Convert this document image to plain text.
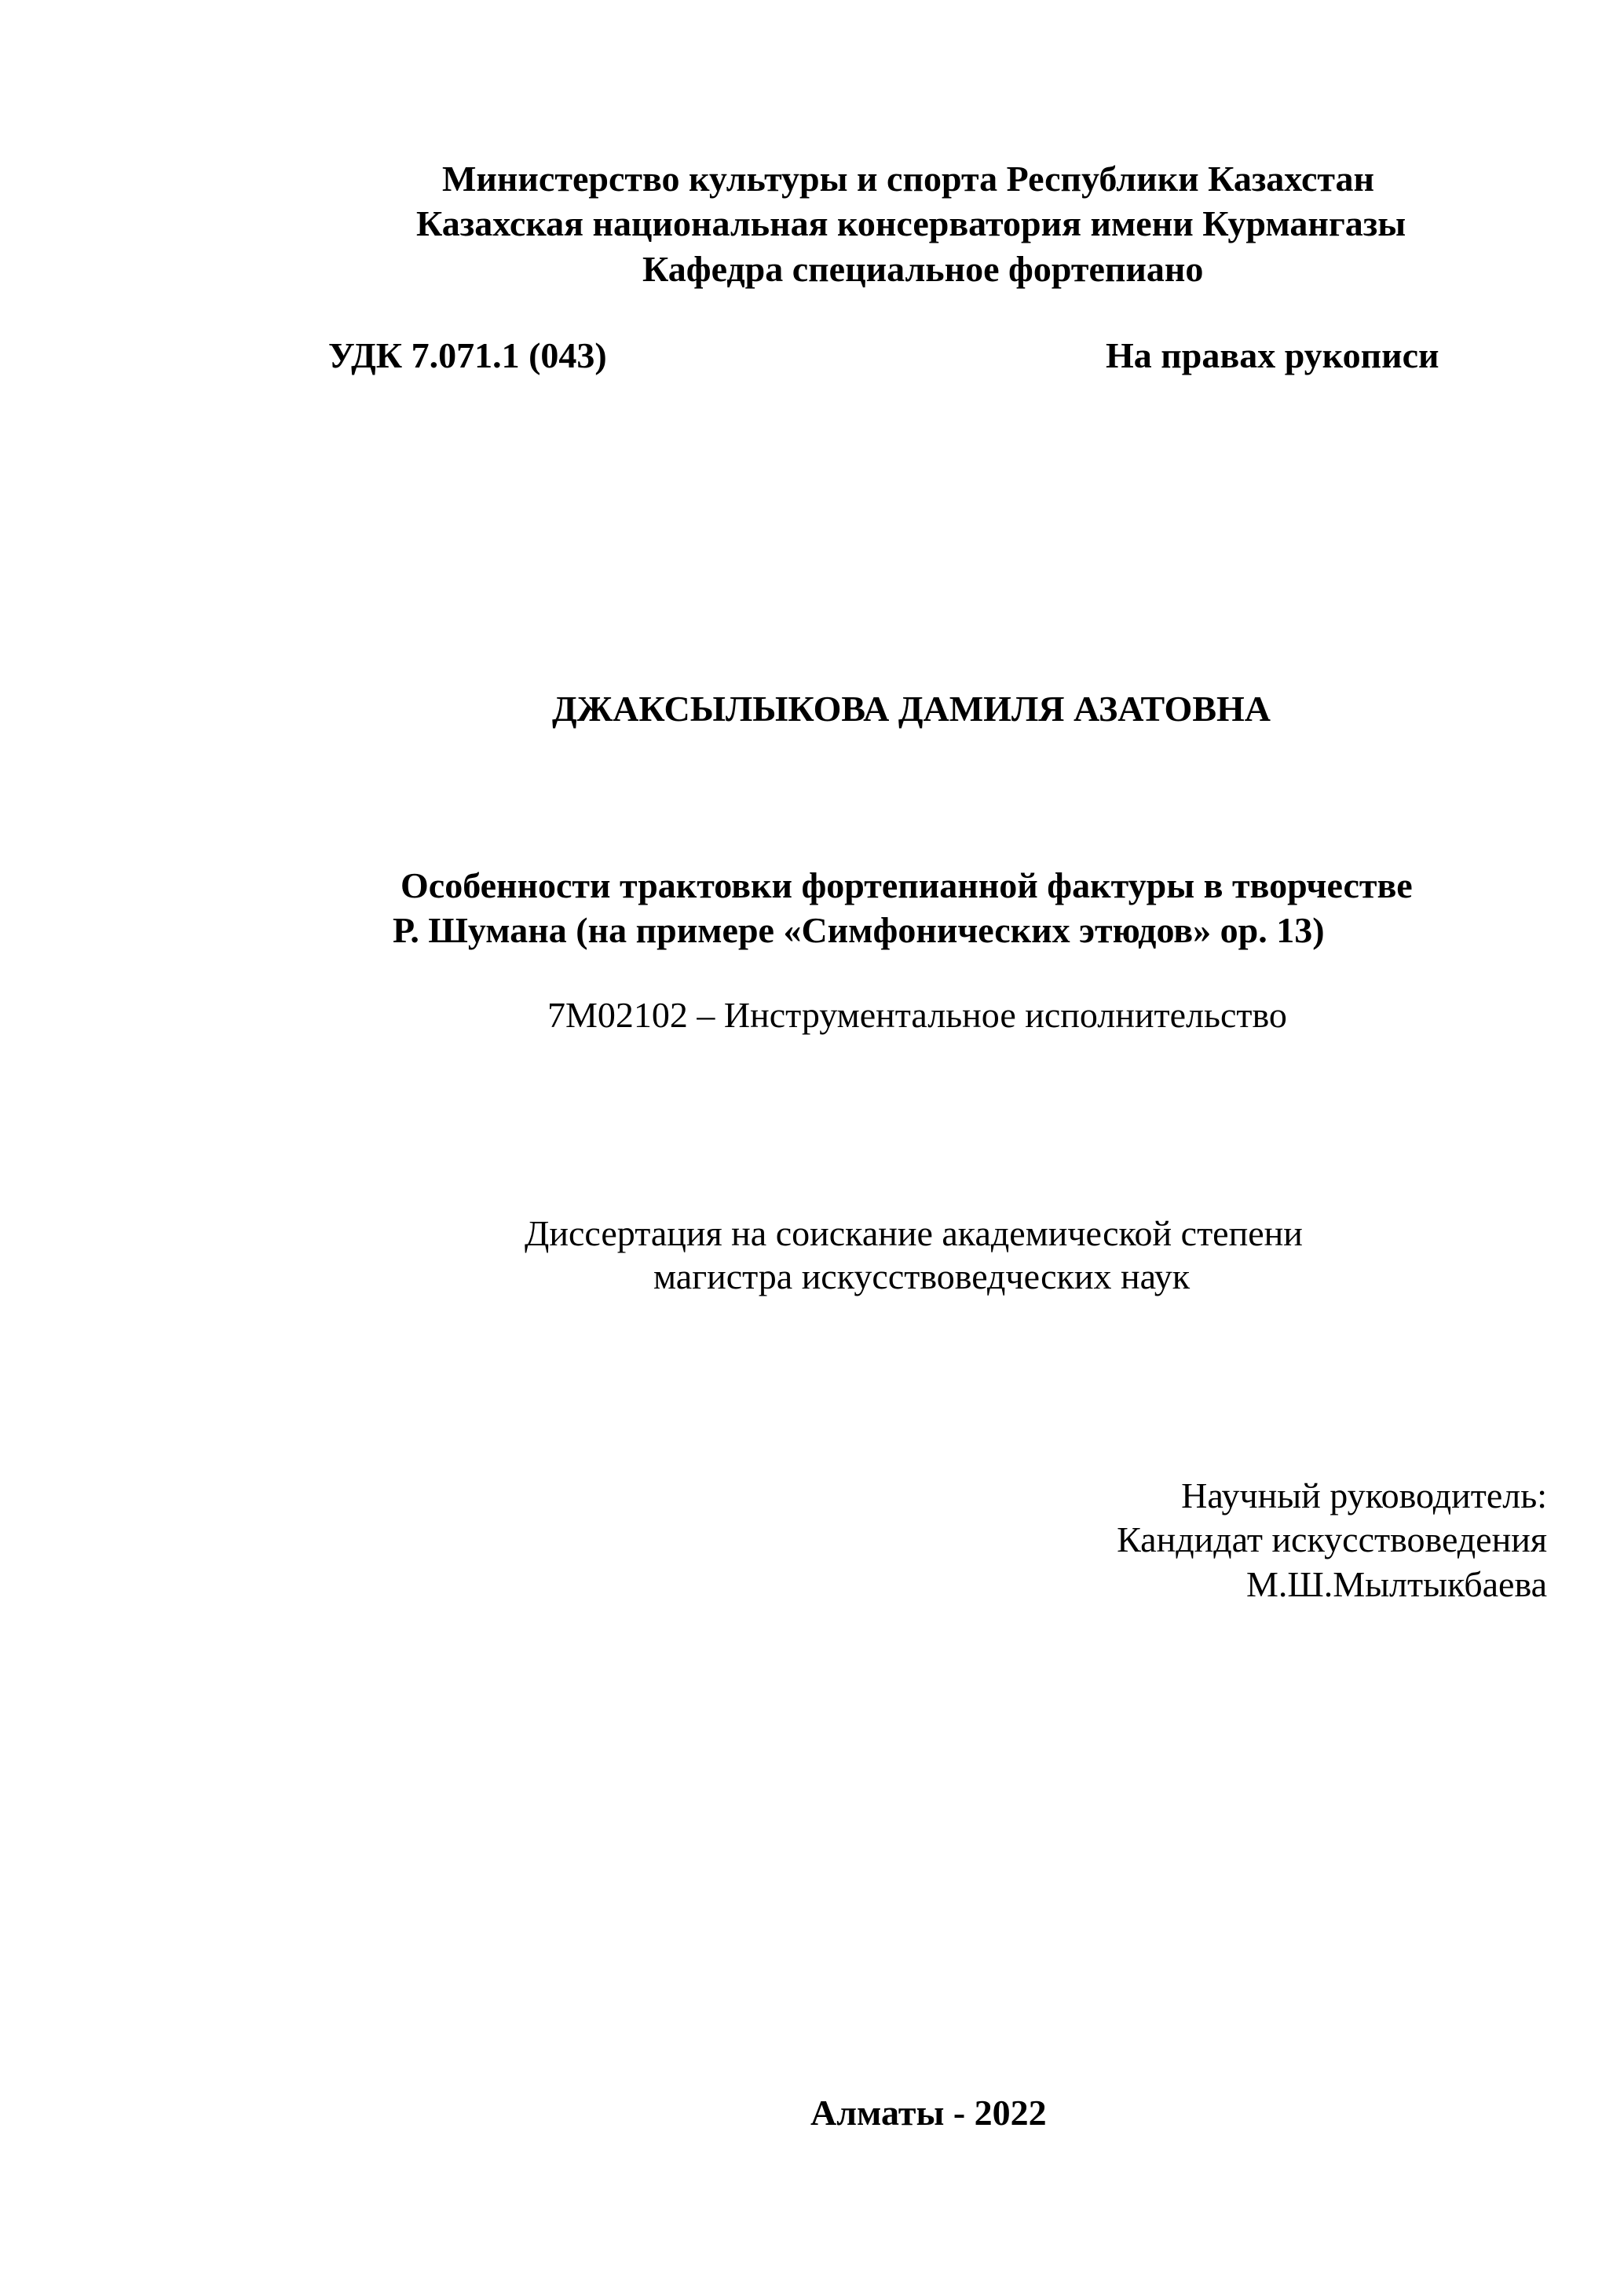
Министерство культуры и спорта Республики Казахстан
Казахская национальная консерватория имени Курмангазы
Кафедра специальное фортепиано
УДК 7.071.1 (043)	На правах рукописи
ДЖАКСЫЛЫКОВА ДАМИЛЯ АЗАТОВНА
Особенности трактовки фортепианной фактуры в творчестве
Р. Шумана (на примере «Симфонических этюдов» ор. 13)
7М02102 – Инструментальное исполнительство
Диссертация на соискание академической степени
магистра искусствоведческих наук
Научный руководитель:
Кандидат искусствоведения
М.Ш.Мылтыкбаева
Алматы - 2022
